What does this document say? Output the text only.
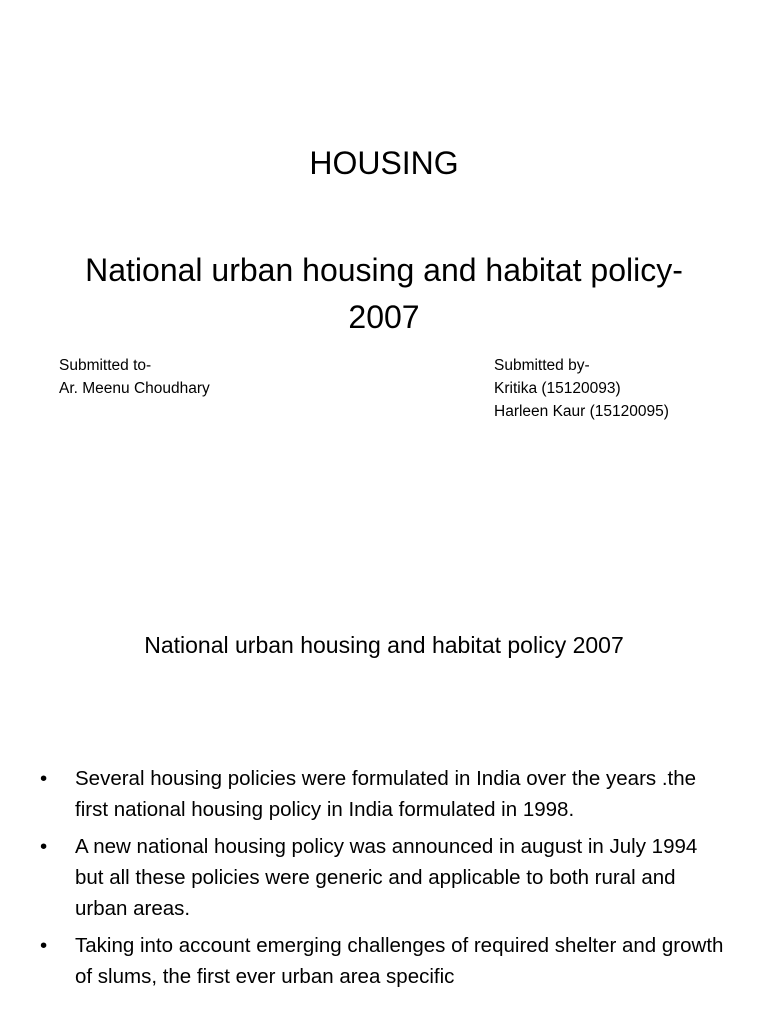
HOUSING
National urban housing and habitat policy-2007
Submitted to-
Ar. Meenu Choudhary
Submitted by-
Kritika (15120093)
Harleen Kaur (15120095)
National urban housing and habitat policy 2007
• Several housing policies were formulated in India over the years .the first national housing policy in India formulated in 1998.
• A new national housing policy was announced in august in July 1994 but all these policies were generic and applicable to both rural and urban areas.
• Taking into account emerging challenges of required shelter and growth of slums, the first ever urban area specific
